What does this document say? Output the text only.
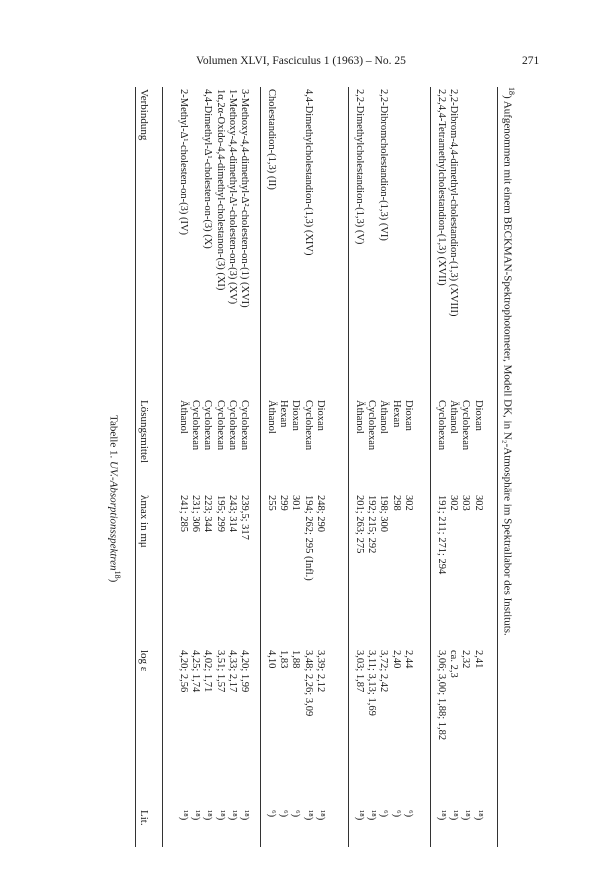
Volumen XLVI, Fasciculus 1 (1963) – No. 25	271
Tabelle 1. UV.-Absorptionsspektren$^{18}$)
Verbindung
Lösungsmittel
λmax in mμ
log ε
Lit.
2-Methyl-Δ¹-cholesten-on-(3) (IV)
Äthanol
241; 285
4,20; 2,56
¹⁸)
Cyclohexan
231; 306
4,25; 1,74
¹⁸)
4,4-Dimethyl-Δ¹-cholesten-on-(3) (X)
Cyclohexan
223; 344
4,02; 1,71
¹⁸)
1α,2α-Oxido-4,4-dimethyl-cholestanon-(3) (XI)
Cyclohexan
195; 299
3,51; 1,57
¹⁸)
1-Methoxy-4,4-dimethyl-Δ¹-cholesten-on-(3) (XV)
Cyclohexan
243; 314
4,33; 2,17
¹⁸)
3-Methoxy-4,4-dimethyl-Δ²-cholesten-on-(1) (XVI)
Cyclohexan
239,5; 317
4,20; 1,99
¹⁸)
Cholestandion-(1,3) (II)
Äthanol
255
4,10
⁶)
Hexan
299
1,83
⁶)
Dioxan
301
1,88
⁶)
4,4-Dimethylcholestandion-(1,3) (XIV)
Cyclohexan
194; 262; 295 (Infl.)
3,48; 2,26; 3,09
¹⁸)
Dioxan
248; 290
3,39; 2,12
¹⁸)
2,2-Dimethylcholestandion-(1,3) (V)
Äthanol
201; 263; 275
3,03; 1,87
¹⁸)
Cyclohexan
192; 215; 292
3,11; 3,13; 1,69
¹⁸)
2,2-Dibromcholestandion-(1,3) (VI)
Äthanol
198; 300
3,72; 2,42
⁶)
Hexan
298
2,40
⁶)
Dioxan
302
2,44
⁶)
2,2,4,4-Tetramethylcholestandion-(1,3) (XVII)
Cyclohexan
191; 211; 271; 294
3,06; 3,00; 1,88; 1,82
¹⁸)
2,2-Dibrom-4,4-dimethyl-cholestandion-(1,3) (XVIII)
Äthanol
302
ca. 2,3
¹⁸)
Cyclohexan
303
2,32
¹⁸)
Dioxan
302
2,41
¹⁸)
$^{18}$) Aufgenommen mit einem BECKMAN-Spektrophotometer, Modell DK, in N₂-Atmosphäre im Spektrallabor des Instituts.
